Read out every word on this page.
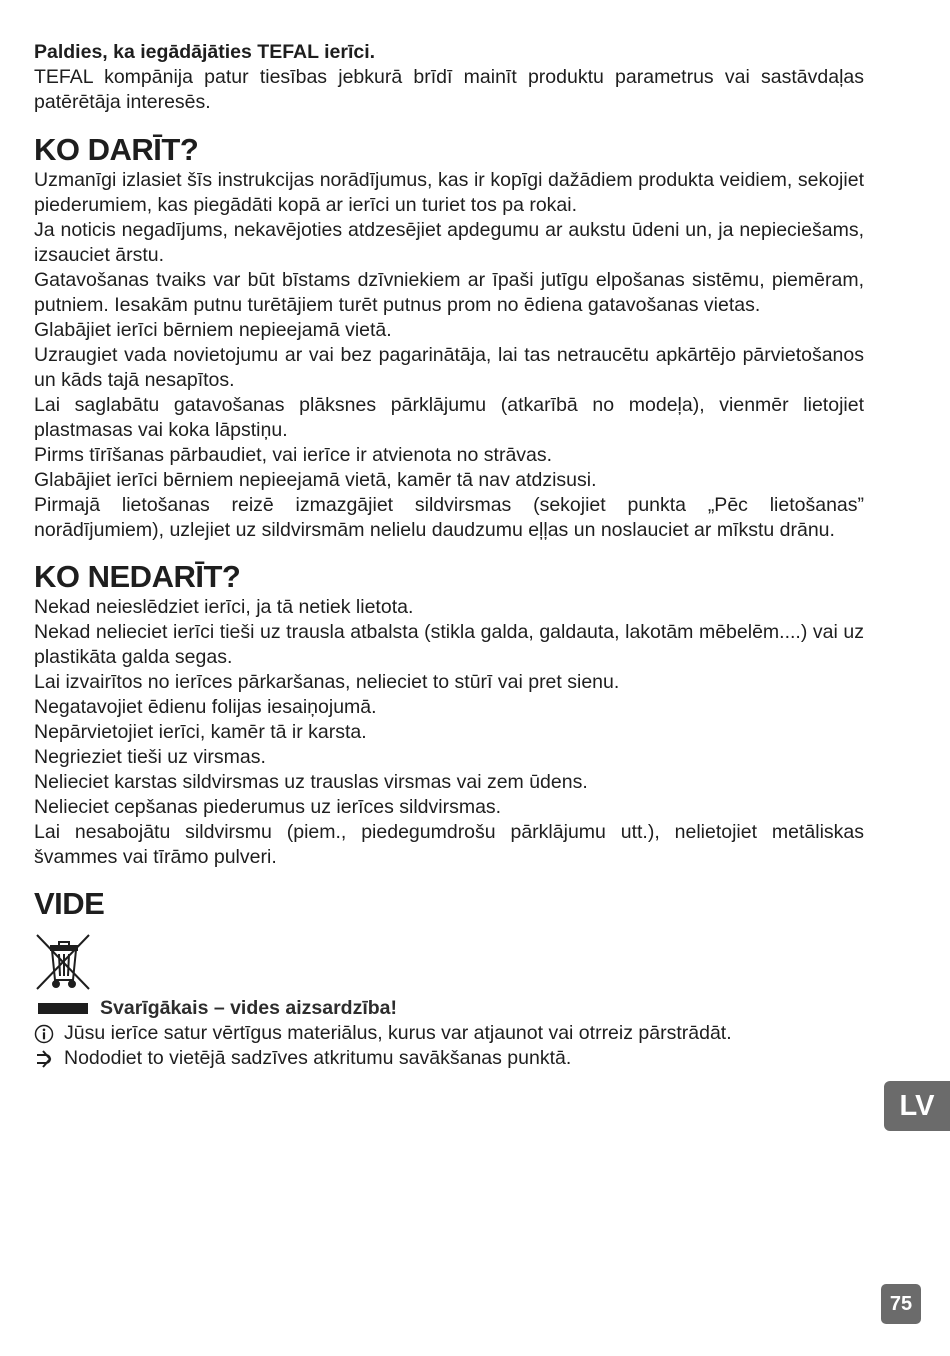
Paldies, ka iegādājāties TEFAL ierīci.

TEFAL kompānija patur tiesības jebkurā brīdī mainīt produktu parametrus vai sastāvdaļas patērētāja interesēs.

KO DARĪT?

Uzmanīgi izlasiet šīs instrukcijas norādījumus, kas ir kopīgi dažādiem produkta veidiem, sekojiet piederumiem, kas piegādāti kopā ar ierīci un turiet tos pa rokai.

Ja noticis negadījums, nekavējoties atdzesējiet apdegumu ar aukstu ūdeni un, ja nepieciešams, izsauciet ārstu.

Gatavošanas tvaiks var būt bīstams dzīvniekiem ar īpaši jutīgu elpošanas sistēmu, piemēram, putniem. Iesakām putnu turētājiem turēt putnus prom no ēdiena gatavošanas vietas.

Glabājiet ierīci bērniem nepieejamā vietā.

Uzraugiet vada novietojumu ar vai bez pagarinātāja, lai tas netraucētu apkārtējo pārvietošanos un kāds tajā nesapītos.

Lai saglabātu gatavošanas plāksnes pārklājumu (atkarībā no modeļa), vienmēr lietojiet plastmasas vai koka lāpstiņu.

Pirms tīrīšanas pārbaudiet, vai ierīce ir atvienota no strāvas.

Glabājiet ierīci bērniem nepieejamā vietā, kamēr tā nav atdzisusi.

Pirmajā lietošanas reizē izmazgājiet sildvirsmas (sekojiet punkta „Pēc lietošanas” norādījumiem), uzlejiet uz sildvirsmām nelielu daudzumu eļļas un noslauciet ar mīkstu drānu.

KO NEDARĪT?

Nekad neieslēdziet ierīci, ja tā netiek lietota.

Nekad nelieciet ierīci tieši uz trausla atbalsta (stikla galda, galdauta, lakotām mēbelēm....) vai uz plastikāta galda segas.

Lai izvairītos no ierīces pārkaršanas, nelieciet to stūrī vai pret sienu.

Negatavojiet ēdienu folijas iesaiņojumā.

Nepārvietojiet ierīci, kamēr tā ir karsta.

Negrieziet tieši uz virsmas.

Nelieciet karstas sildvirsmas uz trauslas virsmas vai zem ūdens.

Nelieciet cepšanas piederumus uz ierīces sildvirsmas.

Lai nesabojātu sildvirsmu (piem., piedegumdrošu pārklājumu utt.), nelietojiet metāliskas švammes vai tīrāmo pulveri.

VIDE
Svarīgākais – vides aizsardzība!
Jūsu ierīce satur vērtīgus materiālus, kurus var atjaunot vai otrreiz pārstrādāt.
Nododiet to vietējā sadzīves atkritumu savākšanas punktā.
LV
75
